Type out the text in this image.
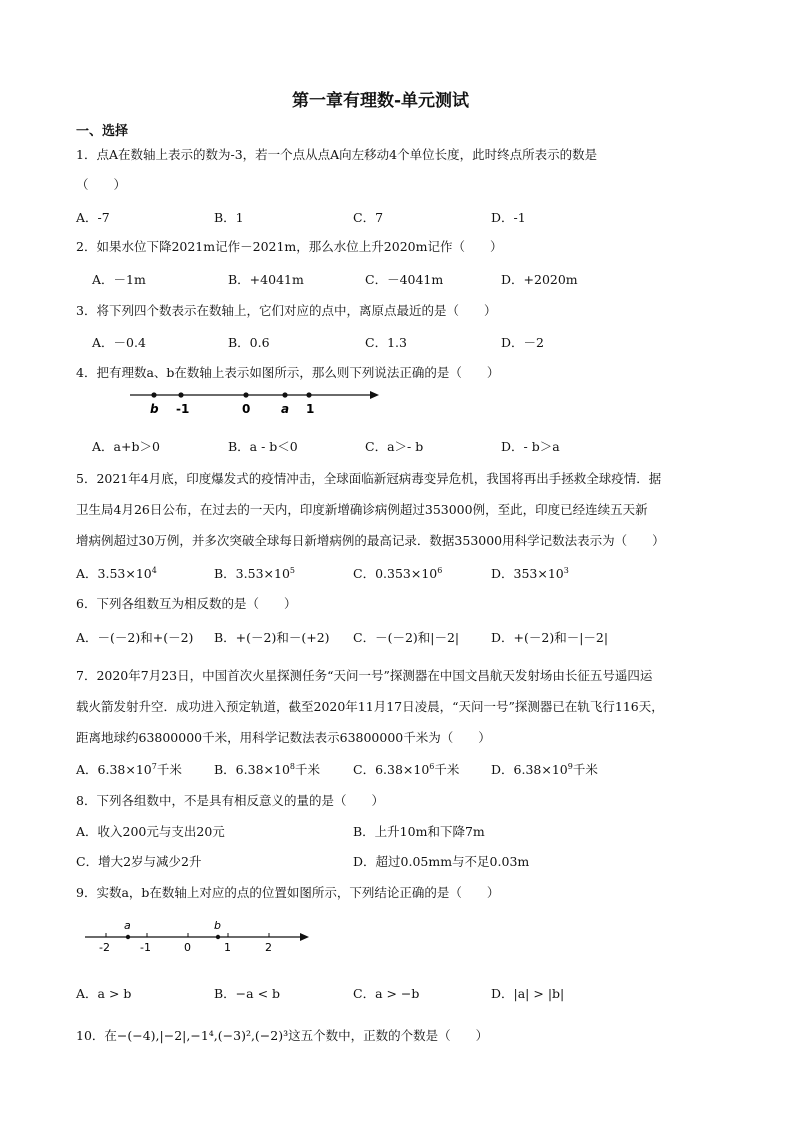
第一章有理数-单元测试
一、选择
1．点A在数轴上表示的数为-3，若一个点从点A向左移动4个单位长度，此时终点所表示的数是
（　　）
A．-7	B．1	C．7	D．-1
2．如果水位下降2021m记作－2021m，那么水位上升2020m记作（　　）
A．－1m	B．+4041m	C．－4041m	D．+2020m
3．将下列四个数表示在数轴上，它们对应的点中，离原点最近的是（　　）
A．－0.4	B．0.6	C．1.3	D．－2
4．把有理数a、b在数轴上表示如图所示，那么则下列说法正确的是（　　）
b -1	0	a 1
A．a+b＞0	B．a - b＜0	C．a＞- b	D．- b＞a
5．2021年4月底，印度爆发式的疫情冲击，全球面临新冠病毒变异危机，我国将再出手拯救全球疫情．据
卫生局4月26日公布，在过去的一天内，印度新增确诊病例超过353000例，至此，印度已经连续五天新
增病例超过30万例，并多次突破全球每日新增病例的最高记录．数据353000用科学记数法表示为（　　）
A．$3.53\times 10^4$	B．$3.53\times 10^5$	C．$0.353\times 10^6$	D．$353\times 10^3$
6．下列各组数互为相反数的是（　　）
A．－(－2)和+(－2) B．+(－2)和－(+2) C．－(－2)和|－2|	D．+(－2)和－|－2|
7．2020年7月23日，中国首次火星探测任务“天问一号”探测器在中国文昌航天发射场由长征五号遥四运
载火箭发射升空．成功进入预定轨道，截至2020年11月17日凌晨，“天问一号”探测器已在轨飞行116天，
距离地球约63800000千米，用科学记数法表示63800000千米为（　　）
A．$6.38\times 10^7$千米	B．$6.38\times 10^8$千米	C．$6.38\times 10^6$千米	D．$6.38\times 10^9$千米
8．下列各组数中，不是具有相反意义的量的是（　　）
A．收入200元与支出20元	B．上升10m和下降7m
C．增大2岁与减少2升	D．超过0.05mm与不足0.03m
9．实数a，b在数轴上对应的点的位置如图所示，下列结论正确的是（　　）
a	b
-2	-1	0	1	2
A．a > b	B．−a < b	C．a > −b	D．|a| > |b|
10．在−(−4),|−2|,−1⁴,(−3)²,(−2)³这五个数中，正数的个数是（　　）
